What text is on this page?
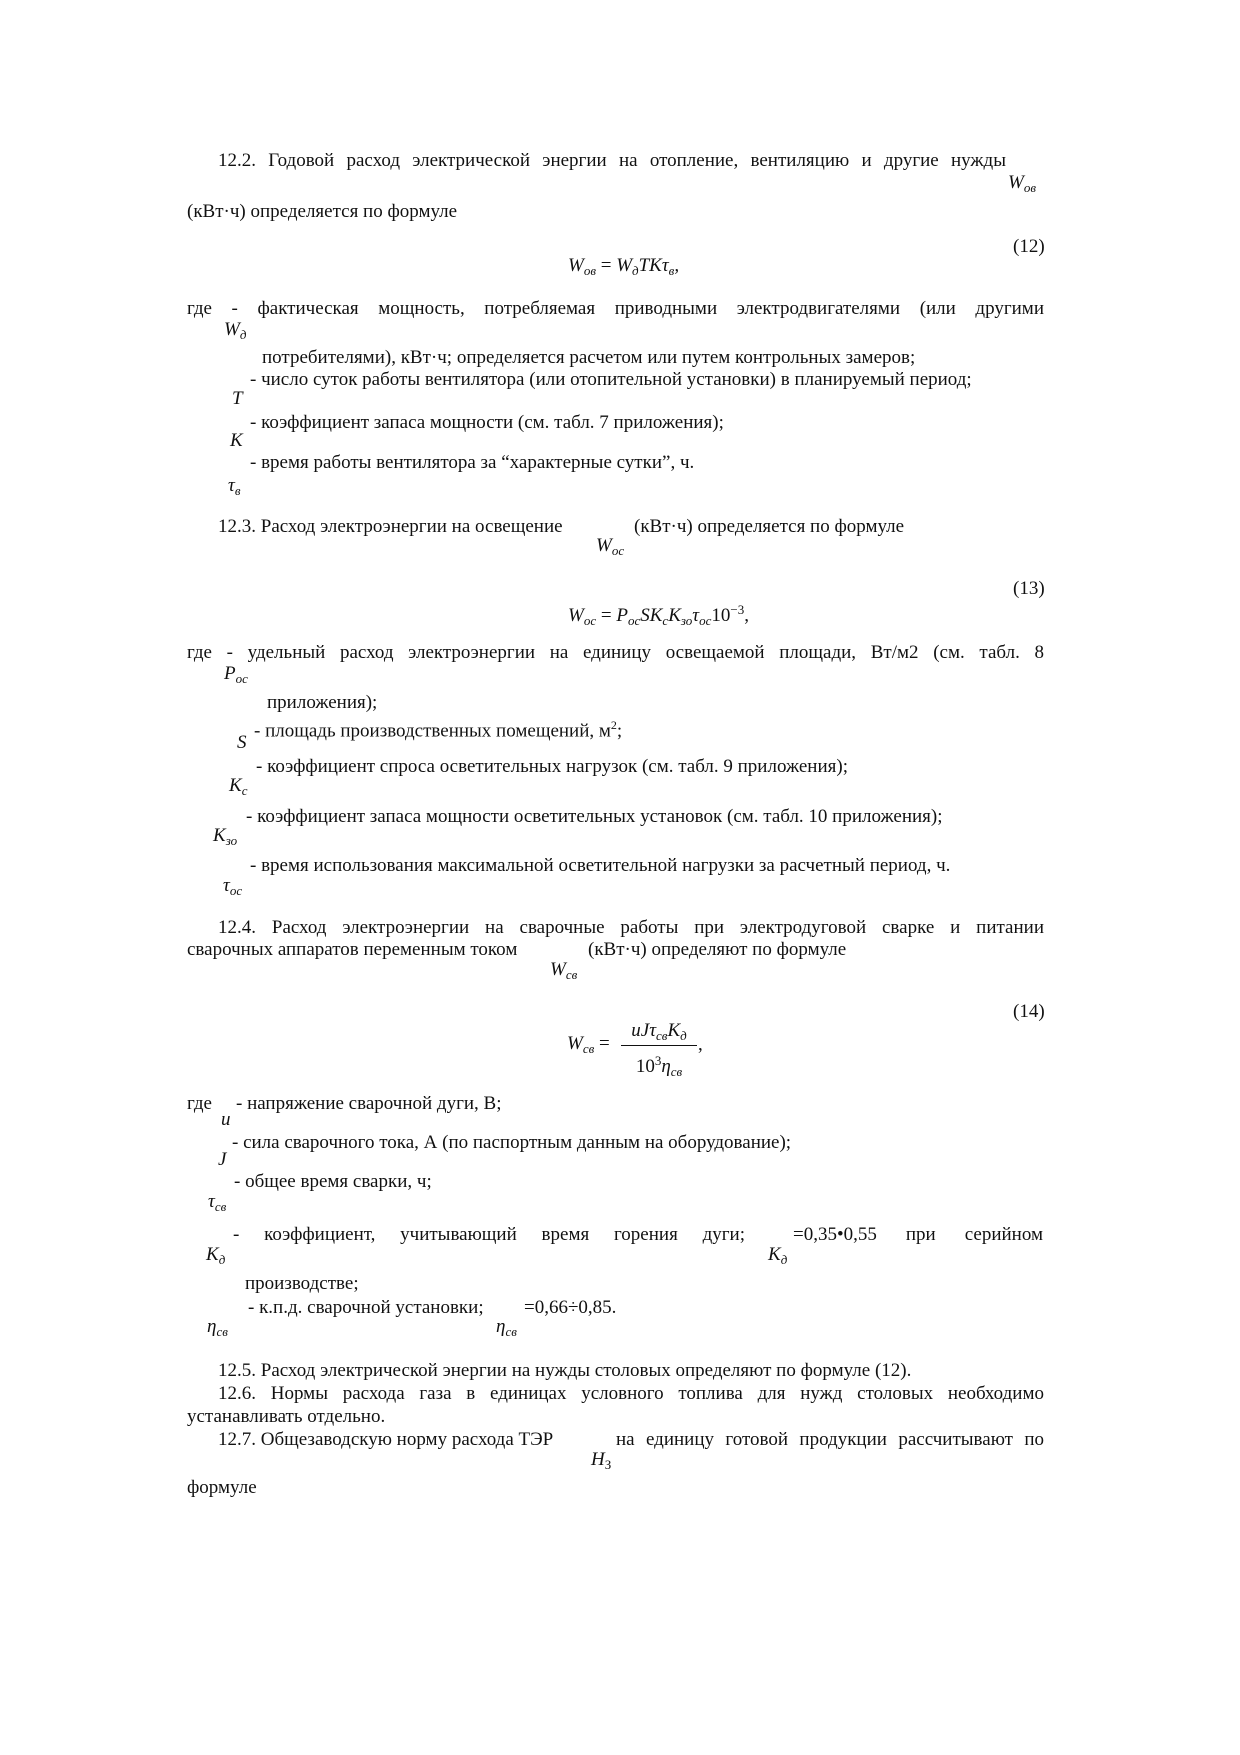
12.2. Годовой расход электрической энергии на отопление, вентиляцию и другие нужды
$W_{ов}$
(кВт·ч) определяется по формуле
(12)
$W_{ов} = W_дTK\tau_в$,
где - фактическая мощность, потребляемая приводными электродвигателями (или другими
$W_д$
потребителями), кВт·ч; определяется расчетом или путем контрольных замеров;
- число суток работы вентилятора (или отопительной установки) в планируемый период;
T
- коэффициент запаса мощности (см. табл. 7 приложения);
K
- время работы вентилятора за “характерные сутки”, ч.
$\tau_в$
12.3. Расход электроэнергии на освещение	(кВт·ч) определяется по формуле
$W_{ос}$
(13)
$W_{ос} = P_{ос}SK_сK_{зо}\tau_{ос}10^{-3}$,
где - удельный расход электроэнергии на единицу освещаемой площади, Вт/м2 (см. табл. 8
$P_{ос}$
приложения);
- площадь производственных помещений, $м^2$;
S
- коэффициент спроса осветительных нагрузок (см. табл. 9 приложения);
$K_с$
- коэффициент запаса мощности осветительных установок (см. табл. 10 приложения);
$K_{зо}$
- время использования максимальной осветительной нагрузки за расчетный период, ч.
$\tau_{ос}$
12.4. Расход электроэнергии на сварочные работы при электродуговой сварке и питании
сварочных аппаратов переменным током	(кВт·ч) определяют по формуле
$W_{св}$
(14)
$W_{св}$ =
$uJ\tau_{св}K_д$
$10^3\eta_{св}$
,
где - напряжение сварочной дуги, В;
u
- сила сварочного тока, А (по паспортным данным на оборудование);
J
- общее время сварки, ч;
$\tau_{св}$
- коэффициент, учитывающий время горения дуги;	=0,35•0,55 при серийном
$K_д$	$K_д$
производстве;
- к.п.д. сварочной установки; =0,66÷0,85.
$\eta_{св}$	$\eta_{св}$
12.5. Расход электрической энергии на нужды столовых определяют по формуле (12).
12.6. Нормы расхода газа в единицах условного топлива для нужд столовых необходимо
устанавливать отдельно.
12.7. Общезаводскую норму расхода ТЭР	на единицу готовой продукции рассчитывают по
$H_З$
формуле
